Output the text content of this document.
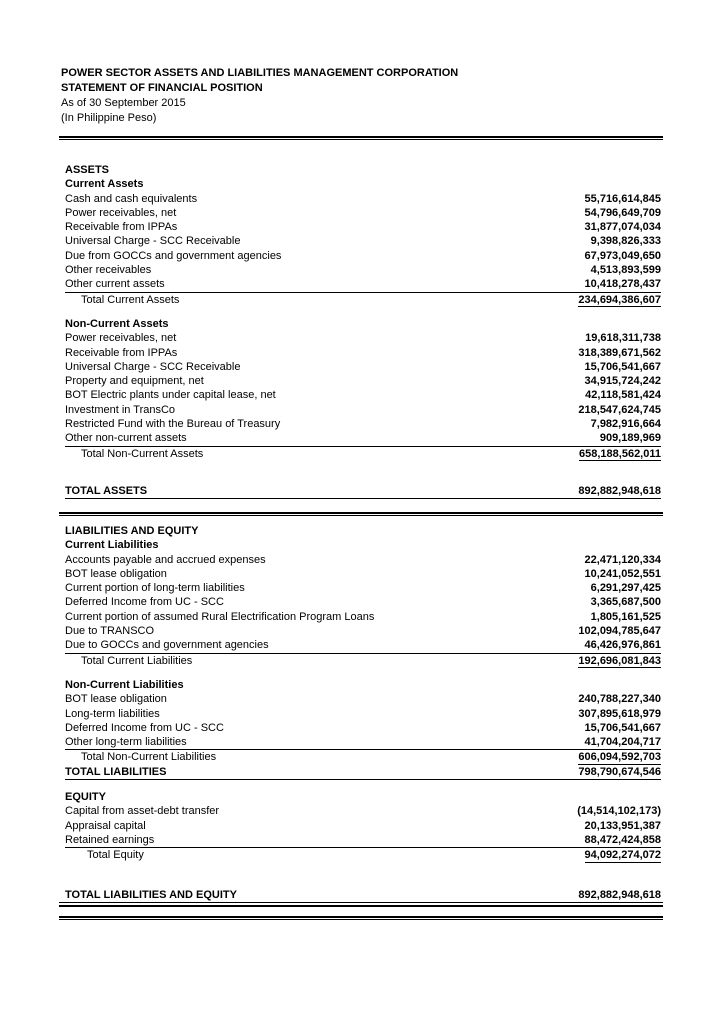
POWER SECTOR ASSETS AND LIABILITIES MANAGEMENT CORPORATION
STATEMENT OF FINANCIAL POSITION
As of 30 September 2015
(In Philippine Peso)
ASSETS
Current Assets
Cash and cash equivalents	55,716,614,845
Power receivables, net	54,796,649,709
Receivable from IPPAs	31,877,074,034
Universal Charge - SCC Receivable	9,398,826,333
Due from GOCCs and government agencies	67,973,049,650
Other receivables	4,513,893,599
Other current assets	10,418,278,437
Total Current Assets	234,694,386,607
Non-Current Assets
Power receivables, net	19,618,311,738
Receivable from IPPAs	318,389,671,562
Universal Charge - SCC Receivable	15,706,541,667
Property and equipment, net	34,915,724,242
BOT Electric plants under capital lease, net	42,118,581,424
Investment in TransCo	218,547,624,745
Restricted Fund with the Bureau of Treasury	7,982,916,664
Other non-current assets	909,189,969
Total Non-Current Assets	658,188,562,011
TOTAL ASSETS	892,882,948,618
LIABILITIES AND EQUITY
Current Liabilities
Accounts payable and accrued expenses	22,471,120,334
BOT lease obligation	10,241,052,551
Current portion of long-term liabilities	6,291,297,425
Deferred Income from UC - SCC	3,365,687,500
Current portion of assumed Rural Electrification Program Loans	1,805,161,525
Due to TRANSCO	102,094,785,647
Due to GOCCs and government agencies	46,426,976,861
Total Current Liabilities	192,696,081,843
Non-Current Liabilities
BOT lease obligation	240,788,227,340
Long-term liabilities	307,895,618,979
Deferred Income from UC - SCC	15,706,541,667
Other long-term liabilities	41,704,204,717
Total Non-Current Liabilities	606,094,592,703
TOTAL LIABILITIES	798,790,674,546
EQUITY
Capital from asset-debt transfer	(14,514,102,173)
Appraisal capital	20,133,951,387
Retained earnings	88,472,424,858
Total Equity	94,092,274,072
TOTAL LIABILITIES AND EQUITY	892,882,948,618
